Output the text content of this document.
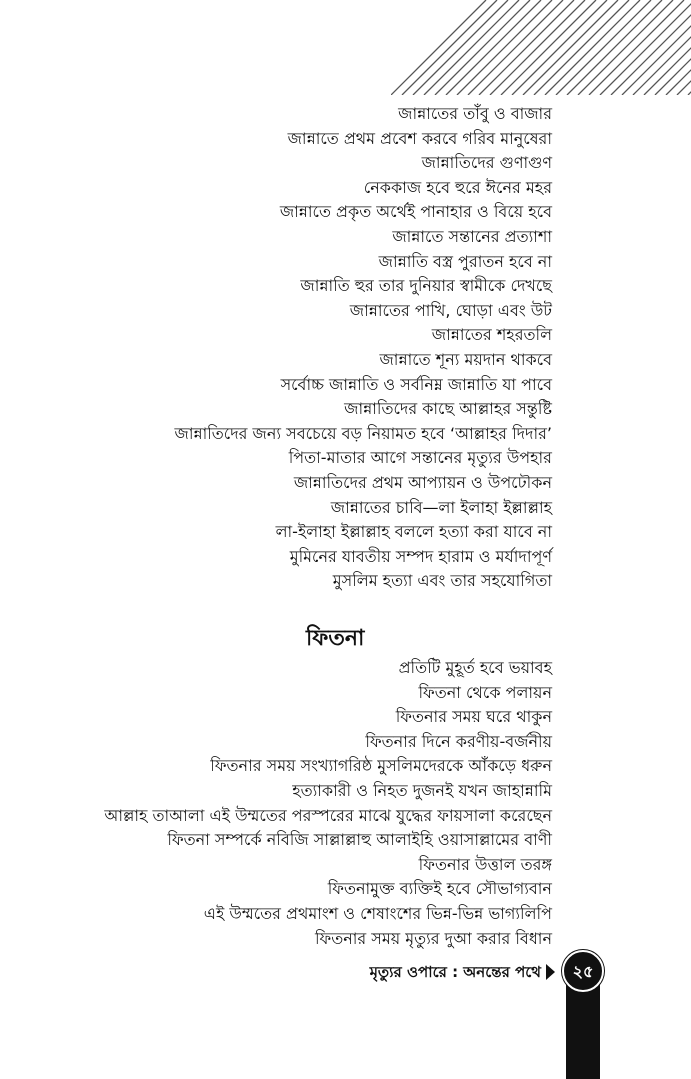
জান্নাতের তাঁবু ও বাজার
জান্নাতে প্রথম প্রবেশ করবে গরিব মানুষেরা
জান্নাতিদের গুণাগুণ
নেককাজ হবে হুরে ঈনের মহর
জান্নাতে প্রকৃত অর্থেই পানাহার ও বিয়ে হবে
জান্নাতে সন্তানের প্রত্যাশা
জান্নাতি বস্ত্র পুরাতন হবে না
জান্নাতি হুর তার দুনিয়ার স্বামীকে দেখছে
জান্নাতের পাখি, ঘোড়া এবং উট
জান্নাতের শহরতলি
জান্নাতে শূন্য ময়দান থাকবে
সর্বোচ্চ জান্নাতি ও সর্বনিম্ন জান্নাতি যা পাবে
জান্নাতিদের কাছে আল্লাহর সন্তুষ্টি
জান্নাতিদের জন্য সবচেয়ে বড় নিয়ামত হবে ‘আল্লাহর দিদার’
পিতা-মাতার আগে সন্তানের মৃত্যুর উপহার
জান্নাতিদের প্রথম আপ্যায়ন ও উপঢৌকন
জান্নাতের চাবি—লা ইলাহা ইল্লাল্লাহ
লা-ইলাহা ইল্লাল্লাহ বললে হত্যা করা যাবে না
মুমিনের যাবতীয় সম্পদ হারাম ও মর্যাদাপূর্ণ
মুসলিম হত্যা এবং তার সহযোগিতা
ফিতনা
প্রতিটি মুহূর্ত হবে ভয়াবহ
ফিতনা থেকে পলায়ন
ফিতনার সময় ঘরে থাকুন
ফিতনার দিনে করণীয়-বর্জনীয়
ফিতনার সময় সংখ্যাগরিষ্ঠ মুসলিমদেরকে আঁকড়ে ধরুন
হত্যাকারী ও নিহত দুজনই যখন জাহান্নামি
আল্লাহ তাআলা এই উম্মতের পরস্পরের মাঝে যুদ্ধের ফায়সালা করেছেন
ফিতনা সম্পর্কে নবিজি সাল্লাল্লাহু আলাইহি ওয়াসাল্লামের বাণী
ফিতনার উত্তাল তরঙ্গ
ফিতনামুক্ত ব্যক্তিই হবে সৌভাগ্যবান
এই উম্মতের প্রথমাংশ ও শেষাংশের ভিন্ন-ভিন্ন ভাগ্যলিপি
ফিতনার সময় মৃত্যুর দুআ করার বিধান
মৃত্যুর ওপারে : অনন্তের পথে	২৫
